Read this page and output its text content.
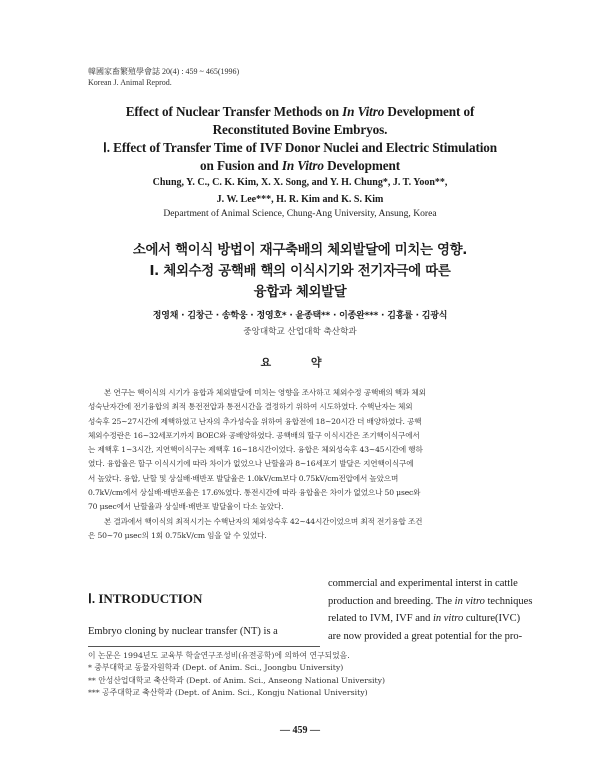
韓國家畜繁殖學會誌 20(4) : 459 ~ 465(1996)
Korean J. Animal Reprod.
Effect of Nuclear Transfer Methods on In Vitro Development of
Reconstituted Bovine Embryos.
Ⅰ. Effect of Transfer Time of IVF Donor Nuclei and Electric Stimulation
on Fusion and In Vitro Development
Chung, Y. C., C. K. Kim, X. X. Song, and Y. H. Chung*, J. T. Yoon**,
J. W. Lee***, H. R. Kim and K. S. Kim
Department of Animal Science, Chung-Ang University, Ansung, Korea
소에서 핵이식 방법이 재구축배의 체외발달에 미치는 영향.
Ⅰ. 체외수정 공핵배 핵의 이식시기와 전기자극에 따른
융합과 체외발달
정영채 · 김창근 · 송학웅 · 정영호* · 윤종택** · 이종완*** · 김홍률 · 김광식
중앙대학교 산업대학 축산학과
요 약
본 연구는 핵이식의 시기가 융합과 체외발달에 미치는 영향을 조사하고 체외수정 공핵배의 핵과 체외
성숙난자간에 전기융합의 최적 통전전압과 통전시간을 결정하기 위하여 시도하였다. 수핵난자는 체외
성숙후 25~27시간에 제핵하였고 난자의 추가성숙을 위하여 융합전에 18~20시간 더 배양하였다. 공핵
체외수정란은 16~32세포기까지 BOEC와 공배양하였다. 공핵배의 할구 이식시간은 조기핵이식구에서
는 제핵후 1~3시간, 지연핵이식구는 제핵후 16~18시간이었다. 융합은 체외성숙후 43~45시간에 행하
였다. 융합율은 할구 이식시기에 따라 차이가 없었으나 난할율과 8~16세포기 발달은 지연핵이식구에
서 높았다. 융합, 난할 및 상실배·배반포 발달율은 1.0kV/cm보다 0.75kV/cm전압에서 높았으며
0.7kV/cm에서 상실배·배반포율은 17.6%였다. 통전시간에 따라 융합율은 차이가 없었으나 50 μsec와
70 μsec에서 난할율과 상실배·배반포 발달율이 다소 높았다.
본 결과에서 핵이식의 최적시기는 수핵난자의 체외성숙후 42~44시간이었으며 최적 전기융합 조건
은 50~70 μsec의 1회 0.75kV/cm 임을 알 수 있었다.
Ⅰ. INTRODUCTION
Embryo cloning by nuclear transfer (NT) is a
commercial and experimental interst in cattle
production and breeding. The in vitro techniques
related to IVM, IVF and in vitro culture(IVC)
are now provided a great potential for the pro-
이 논문은 1994년도 교육부 학술연구조성비(유전공학)에 의하여 연구되었음.
* 중부대학교 동물자원학과 (Dept. of Anim. Sci., Joongbu University)
** 안성산업대학교 축산학과 (Dept. of Anim. Sci., Anseong National University)
*** 공주대학교 축산학과 (Dept. of Anim. Sci., Kongju National University)
— 459 —
